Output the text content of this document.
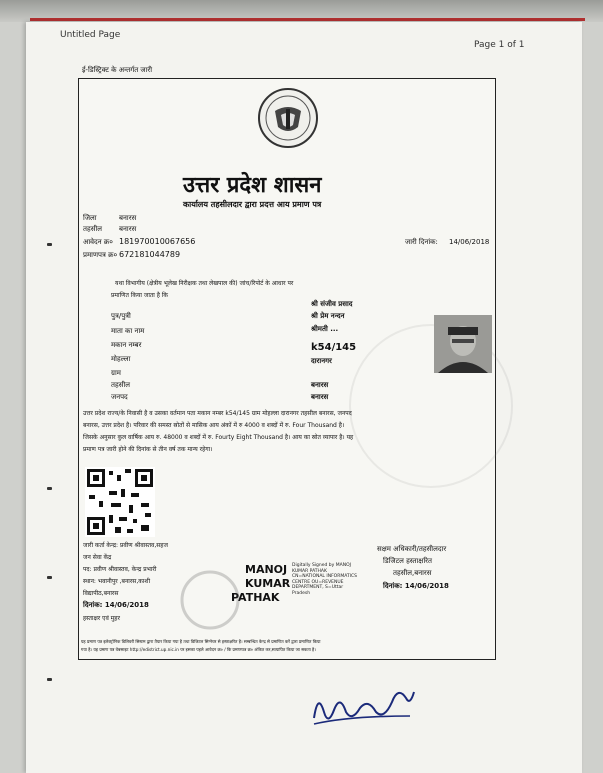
Untitled Page
Page 1 of 1
ई-डिस्ट्रिक्ट के अन्तर्गत जारी
उत्तर प्रदेश शासन
कार्यालय तहसीलदार द्वारा प्रदत्त आय प्रमाण पत्र
जिला	बनारस
तहसील बनारस
आवेदन क्र० 181970010067656
प्रमाणपत्र क्र० 672181044789
जारी दिनांक: 14/06/2018
यथा विभागीय (क्षेत्रीय भूलेख निरीक्षक तथा लेखपाल की) जांच/रिपोर्ट के आधार पर
प्रमाणित किया जाता है कि
श्री संजीव प्रसाद
पुत्र/पुत्री	श्री प्रेम नन्दन
माता का नाम	श्रीमती ...
मकान नम्बर	k54/145
मोहल्ला	दारानगर
ग्राम
तहसील	बनारस
जनपद	बनारस
उत्तर प्रदेश राज्य/के निवासी है व उसका वर्तमान पता मकान नम्बर k54/145 ग्राम मोहल्ला दारानगर तहसील बनारस, जनपद
बनारस, उत्तर प्रदेश है। परिवार की समस्त स्रोतों से मासिक आय अंकों में रु 4000 व शब्दों में रु. Four Thousand है।
जिसके अनुसार कुल वार्षिक आय रु. 48000 व शब्दों में रु. Fourty Eight Thousand है। आय का स्रोत व्यापार है। यह
प्रमाण पत्र जारी होने की दिनांक से तीन वर्ष तक मान्य रहेगा।
जारी कर्ता केन्द्र: प्रवीण श्रीवास्तव,सहज
जन सेवा केंद्र
पद: प्रवीण श्रीवास्तव, केन्द्र प्रभारी
स्थान: भवानीपुर ,बनारस,काशी
विद्यापीठ,बनारस
दिनांक: 14/06/2018
हस्ताक्षर एवं मुहर
MANOJ
KUMAR
PATHAK
Digitally Signed by MANOJ KUMAR PATHAK CN=NATIONAL INFORMATICS CENTRE OU=REVENUE DEPARTMENT, S=Uttar Pradesh
सक्षम अधिकारी/तहसीलदार
डिजिटल हस्ताक्षरित
तहसील,बनारस
दिनांक: 14/06/2018
यह प्रमाण पत्र इलेक्ट्रॉनिक डिलिवरी सिस्टम द्वारा तैयार किया गया है तथा डिजिटल सिग्नेचर से हस्ताक्षरित है। सम्बन्धित केन्द्र से प्रमाणित करें द्वारा प्रमाणित किया
गया है। यह प्रमाण पत्र वेबसाइट http://edistrict.up.nic.in पर इसका पहले आवेदन क्र० / कि प्रमाणपत्र क्र० अंकित कर,सत्यापित किया जा सकता है।
